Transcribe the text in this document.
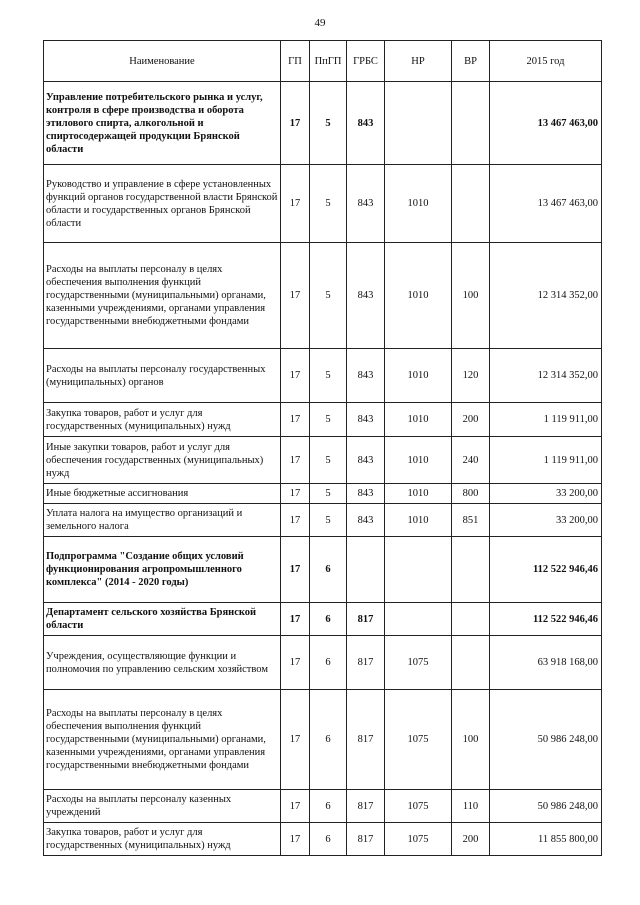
49
Наименование	ГП	ПпГП	ГРБС	НР	ВР	2015 год
Управление потребительского рынка и услуг, контроля в сфере производства и оборота этилового спирта, алкогольной и спиртосодержащей продукции Брянской области	17	5	843			13 467 463,00
Руководство и управление в сфере установленных функций органов государственной власти Брянской области и государственных органов Брянской области	17	5	843	1010		13 467 463,00
Расходы на выплаты персоналу в целях обеспечения выполнения функций государственными (муниципальными) органами, казенными учреждениями, органами управления государственными внебюджетными фондами	17	5	843	1010	100	12 314 352,00
Расходы на выплаты персоналу государственных (муниципальных) органов	17	5	843	1010	120	12 314 352,00
Закупка товаров, работ и услуг для государственных (муниципальных) нужд	17	5	843	1010	200	1 119 911,00
Иные закупки товаров, работ и услуг для обеспечения государственных (муниципальных) нужд	17	5	843	1010	240	1 119 911,00
Иные бюджетные ассигнования	17	5	843	1010	800	33 200,00
Уплата налога на имущество организаций и земельного налога	17	5	843	1010	851	33 200,00
Подпрограмма "Создание общих условий функционирования агропромышленного комплекса" (2014 - 2020 годы)	17	6				112 522 946,46
Департамент сельского хозяйства Брянской области	17	6	817			112 522 946,46
Учреждения, осуществляющие функции и полномочия по управлению сельским хозяйством	17	6	817	1075		63 918 168,00
Расходы на выплаты персоналу в целях обеспечения выполнения функций государственными (муниципальными) органами, казенными учреждениями, органами управления государственными внебюджетными фондами	17	6	817	1075	100	50 986 248,00
Расходы на выплаты персоналу казенных учреждений	17	6	817	1075	110	50 986 248,00
Закупка товаров, работ и услуг для государственных (муниципальных) нужд	17	6	817	1075	200	11 855 800,00
